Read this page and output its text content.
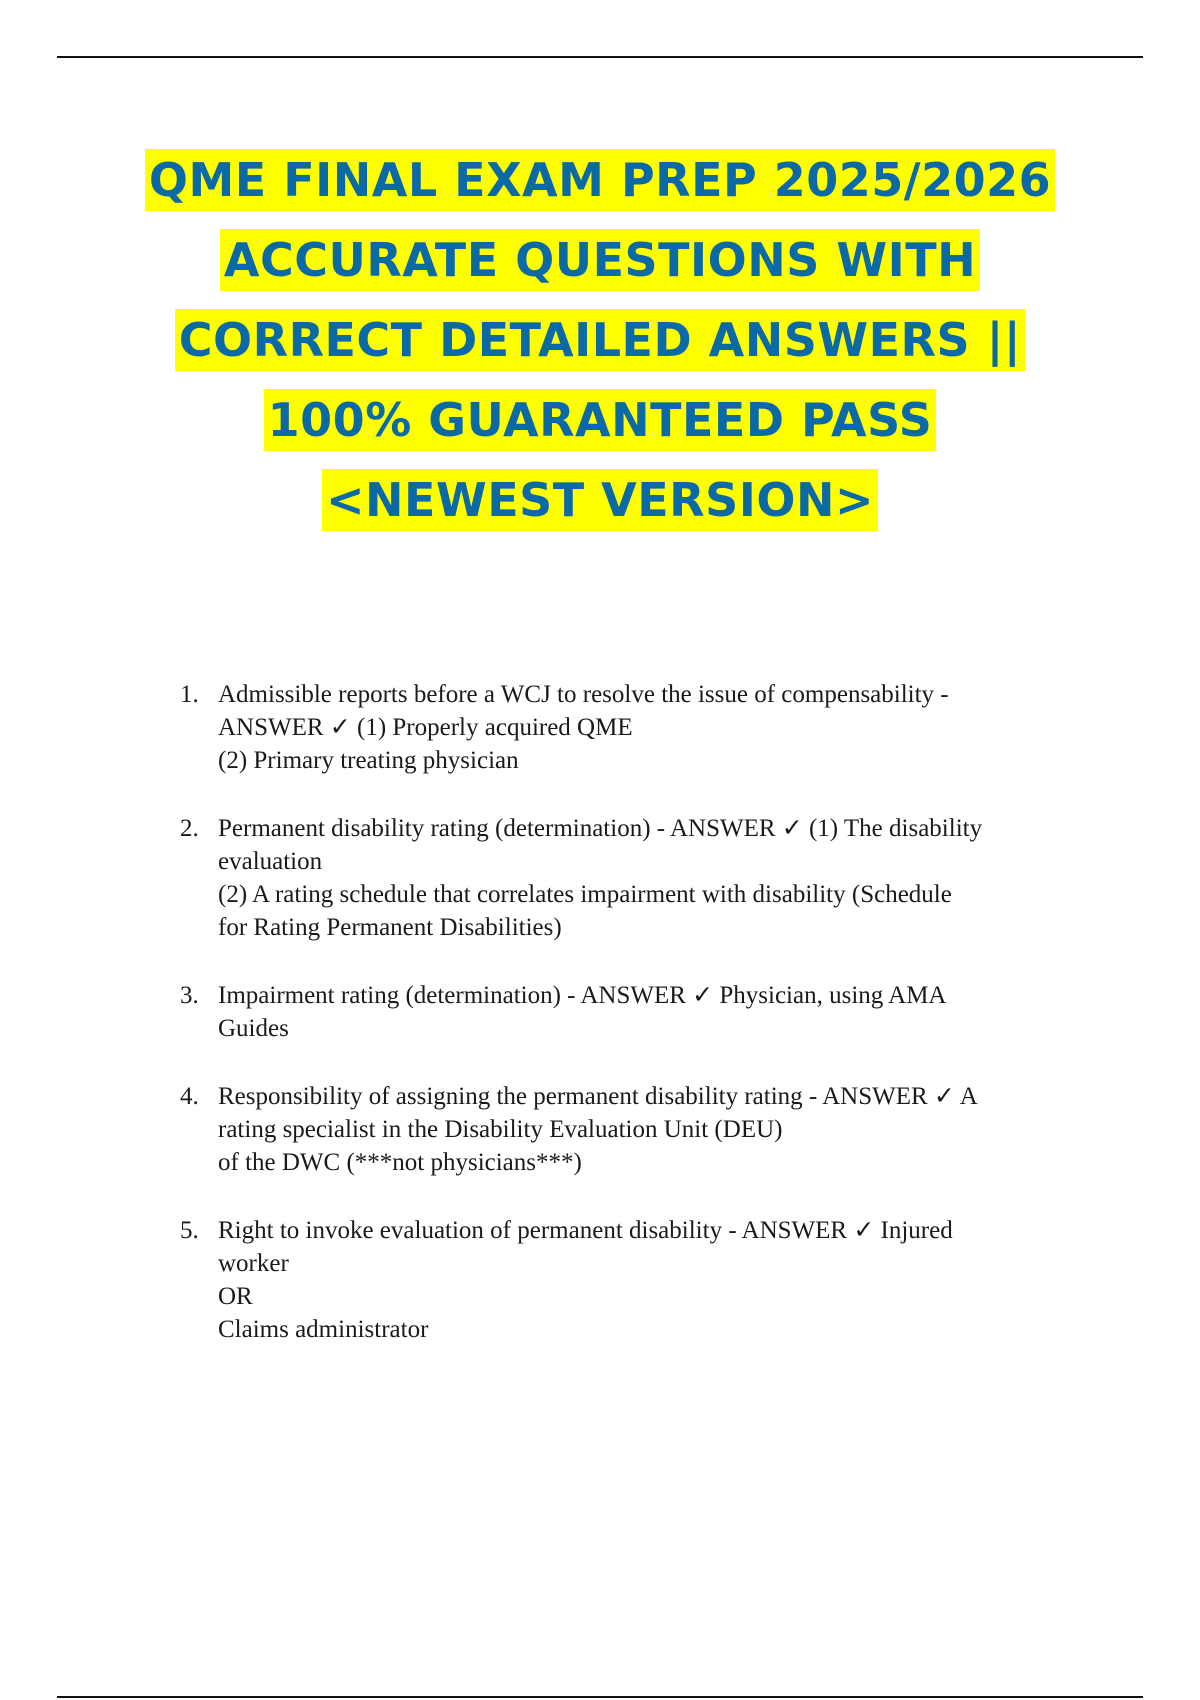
QME FINAL EXAM PREP 2025/2026
ACCURATE QUESTIONS WITH
CORRECT DETAILED ANSWERS ||
100% GUARANTEED PASS
<NEWEST VERSION>
1. Admissible reports before a WCJ to resolve the issue of compensability -
ANSWER ✓ (1) Properly acquired QME
(2) Primary treating physician
2. Permanent disability rating (determination) - ANSWER ✓ (1) The disability
evaluation
(2) A rating schedule that correlates impairment with disability (Schedule
for Rating Permanent Disabilities)
3. Impairment rating (determination) - ANSWER ✓ Physician, using AMA
Guides
4. Responsibility of assigning the permanent disability rating - ANSWER ✓ A
rating specialist in the Disability Evaluation Unit (DEU)
of the DWC (***not physicians***)
5. Right to invoke evaluation of permanent disability - ANSWER ✓ Injured
worker
OR
Claims administrator
